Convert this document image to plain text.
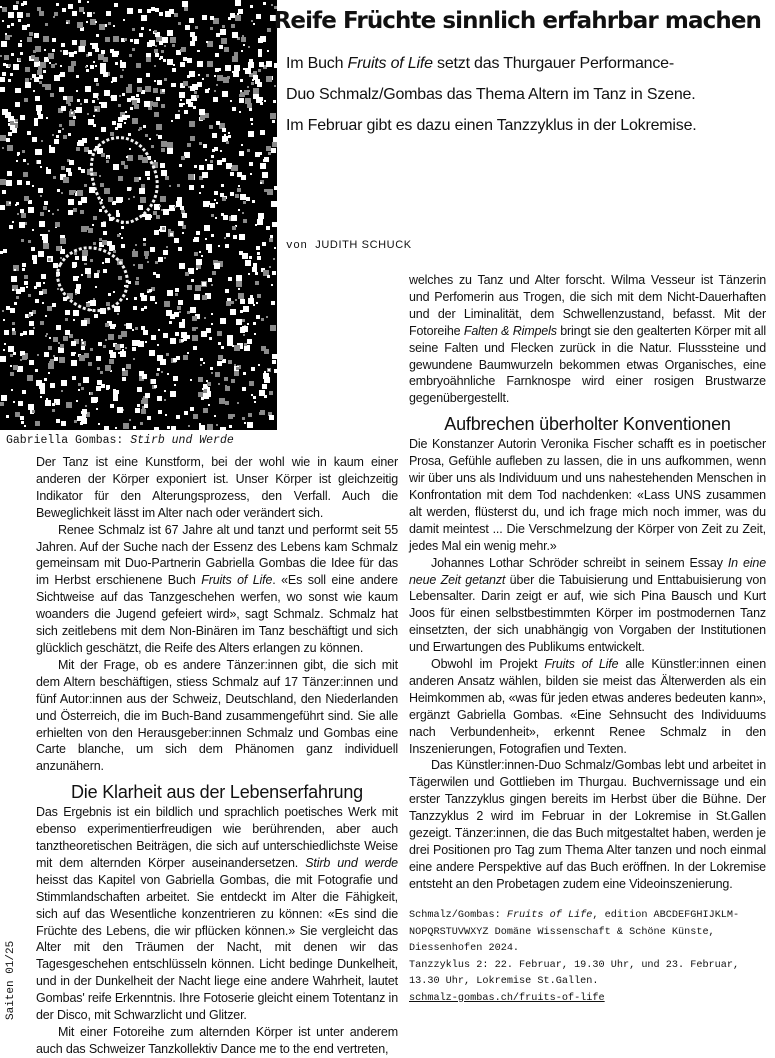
Gabriella Gombas: Stirb und Werde
Reife Früchte sinnlich erfahrbar machen

Im Buch Fruits of Life setzt das Thurgauer Performance-

Duo Schmalz/Gombas das Thema Altern im Tanz in Szene.

Im Februar gibt es dazu einen Tanzzyklus in der Lokremise.

von JUDITH SCHUCK

Der Tanz ist eine Kunstform, bei der wohl wie in kaum einer anderen der Körper exponiert ist. Unser Körper ist gleichzeitig Indikator für den Alterungsprozess, den Verfall. Auch die Beweglichkeit lässt im Alter nach oder verändert sich.

Renee Schmalz ist 67 Jahre alt und tanzt und performt seit 55 Jahren. Auf der Suche nach der Essenz des Lebens kam Schmalz gemeinsam mit Duo-Partnerin Gabriella Gombas die Idee für das im Herbst erschienene Buch Fruits of Life. «Es soll eine andere Sichtweise auf das Tanzgeschehen werfen, wo sonst wie kaum woanders die Jugend gefeiert wird», sagt Schmalz. Schmalz hat sich zeitlebens mit dem Non-Binären im Tanz beschäftigt und sich glücklich geschätzt, die Reife des Alters erlangen zu können.

Mit der Frage, ob es andere Tänzer:innen gibt, die sich mit dem Altern beschäftigen, stiess Schmalz auf 17 Tänzer:innen und fünf Autor:innen aus der Schweiz, Deutschland, den Niederlanden und Österreich, die im Buch-Band zusammengeführt sind. Sie alle erhielten von den Herausgeber:innen Schmalz und Gombas eine Carte blanche, um sich dem Phänomen ganz individuell anzunähern.

Die Klarheit aus der Lebenserfahrung

Das Ergebnis ist ein bildlich und sprachlich poetisches Werk mit ebenso experimentierfreudigen wie berührenden, aber auch tanztheoretischen Beiträgen, die sich auf unterschiedlichste Weise mit dem alternden Körper auseinandersetzen. Stirb und werde heisst das Kapitel von Gabriella Gombas, die mit Fotografie und Stimmlandschaften arbeitet. Sie entdeckt im Alter die Fähigkeit, sich auf das Wesentliche konzentrieren zu können: «Es sind die Früchte des Lebens, die wir pflücken können.» Sie vergleicht das Alter mit den Träumen der Nacht, mit denen wir das Tagesgeschehen entschlüsseln können. Licht bedinge Dunkelheit, und in der Dunkelheit der Nacht liege eine andere Wahrheit, lautet Gombas' reife Erkenntnis. Ihre Fotoserie gleicht einem Totentanz in der Disco, mit Schwarzlicht und Glitzer.

Mit einer Fotoreihe zum alternden Körper ist unter anderem auch das Schweizer Tanzkollektiv Dance me to the end vertreten,

welches zu Tanz und Alter forscht. Wilma Vesseur ist Tänzerin und Perfomerin aus Trogen, die sich mit dem Nicht-Dauerhaften und der Liminalität, dem Schwellenzustand, befasst. Mit der Fotoreihe Falten & Rimpels bringt sie den gealterten Körper mit all seine Falten und Flecken zurück in die Natur. Flusssteine und gewundene Baumwurzeln bekommen etwas Organisches, eine embryoähnliche Farnknospe wird einer rosigen Brustwarze gegenübergestellt.

Aufbrechen überholter Konventionen

Die Konstanzer Autorin Veronika Fischer schafft es in poetischer Prosa, Gefühle aufleben zu lassen, die in uns aufkommen, wenn wir über uns als Individuum und uns nahestehenden Menschen in Konfrontation mit dem Tod nachdenken: «Lass UNS zusammen alt werden, flüsterst du, und ich frage mich noch immer, was du damit meintest ... Die Verschmelzung der Körper von Zeit zu Zeit, jedes Mal ein wenig mehr.»

Johannes Lothar Schröder schreibt in seinem Essay In eine neue Zeit getanzt über die Tabuisierung und Enttabuisierung von Lebensalter. Darin zeigt er auf, wie sich Pina Bausch und Kurt Joos für einen selbstbestimmten Körper im postmodernen Tanz einsetzten, der sich unabhängig von Vorgaben der Institutionen und Erwartungen des Publikums entwickelt.

Obwohl im Projekt Fruits of Life alle Künstler:innen einen anderen Ansatz wählen, bilden sie meist das Älterwerden als ein Heimkommen ab, «was für jeden etwas anderes bedeuten kann», ergänzt Gabriella Gombas. «Eine Sehnsucht des Individuums nach Verbundenheit», erkennt Renee Schmalz in den Inszenierungen, Fotografien und Texten.

Das Künstler:innen-Duo Schmalz/Gombas lebt und arbeitet in Tägerwilen und Gottlieben im Thurgau. Buchvernissage und ein erster Tanzzyklus gingen bereits im Herbst über die Bühne. Der Tanzzyklus 2 wird im Februar in der Lokremise in St.Gallen gezeigt. Tänzer:innen, die das Buch mitgestaltet haben, werden je drei Positionen pro Tag zum Thema Alter tanzen und noch einmal eine andere Perspektive auf das Buch eröffnen. In der Lokremise entsteht an den Probetagen zudem eine Videoinszenierung.

Schmalz/Gombas: Fruits of Life, edition ABCDEFGHIJKLM-NOPQRSTUVWXYZ Domäne Wissenschaft & Schöne Künste, Diessenhofen 2024.

Tanzzyklus 2: 22. Februar, 19.30 Uhr, und 23. Februar, 13.30 Uhr, Lokremise St.Gallen.

schmalz-gombas.ch/fruits-of-life

Saiten 01/25
